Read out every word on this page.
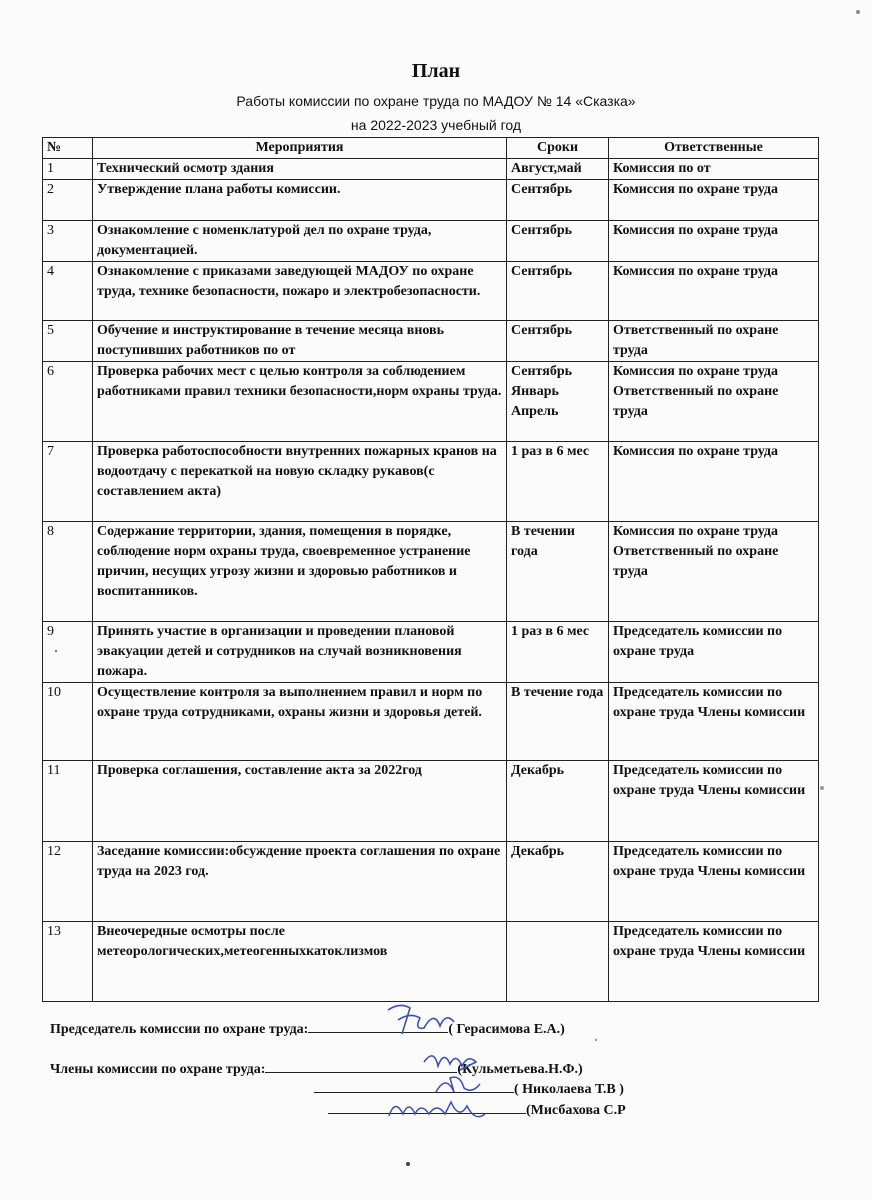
План
Работы комиссии по охране труда по МАДОУ № 14 «Сказка»
на 2022-2023 учебный год
№	Мероприятия	Сроки	Ответственные
1	Технический осмотр здания	Август,май	Комиссия по от
2	Утверждение плана работы комиссии.	Сентябрь	Комиссия по охране труда
3	Ознакомление с номенклатурой дел по охране труда, документацией.	Сентябрь	Комиссия по охране труда
4	Ознакомление с приказами заведующей МАДОУ по охране труда, технике безопасности, пожаро и электробезопасности.	Сентябрь	Комиссия по охране труда
5	Обучение и инструктирование в течение месяца вновь поступивших работников по от	Сентябрь	Ответственный по охране труда
6	Проверка рабочих мест с целью контроля за соблюдением работниками правил техники безопасности,норм охраны труда.	Сентябрь Январь Апрель	Комиссия по охране труда Ответственный по охране труда
7	Проверка работоспособности внутренних пожарных кранов на водоотдачу с перекаткой на новую складку рукавов(с составлением акта)	1 раз в 6 мес	Комиссия по охране труда
8	Содержание территории, здания, помещения в порядке, соблюдение норм охраны труда, своевременное устранение причин, несущих угрозу жизни и здоровью работников и воспитанников.	В течении года	Комиссия по охране труда Ответственный по охране труда
9	Принять участие в организации и проведении плановой эвакуации детей и сотрудников на случай возникновения пожара.	1 раз в 6 мес	Председатель комиссии по охране труда
10	Осуществление контроля за выполнением правил и норм по охране труда сотрудниками, охраны жизни и здоровья детей.	В течение года	Председатель комиссии по охране труда Члены комиссии
11	Проверка соглашения, составление акта за 2022год	Декабрь	Председатель комиссии по охране труда Члены комиссии
12	Заседание комиссии:обсуждение проекта соглашения по охране труда на 2023 год.	Декабрь	Председатель комиссии по охране труда Члены комиссии
13	Внеочередные осмотры после метеорологических,метеогенныхкатоклизмов		Председатель комиссии по охране труда Члены комиссии
Председатель комиссии по охране труда:	( Герасимова Е.А.)
Члены комиссии по охране труда:	(Кульметьева.Н.Ф.)
( Николаева Т.В )
(Мисбахова С.Р
